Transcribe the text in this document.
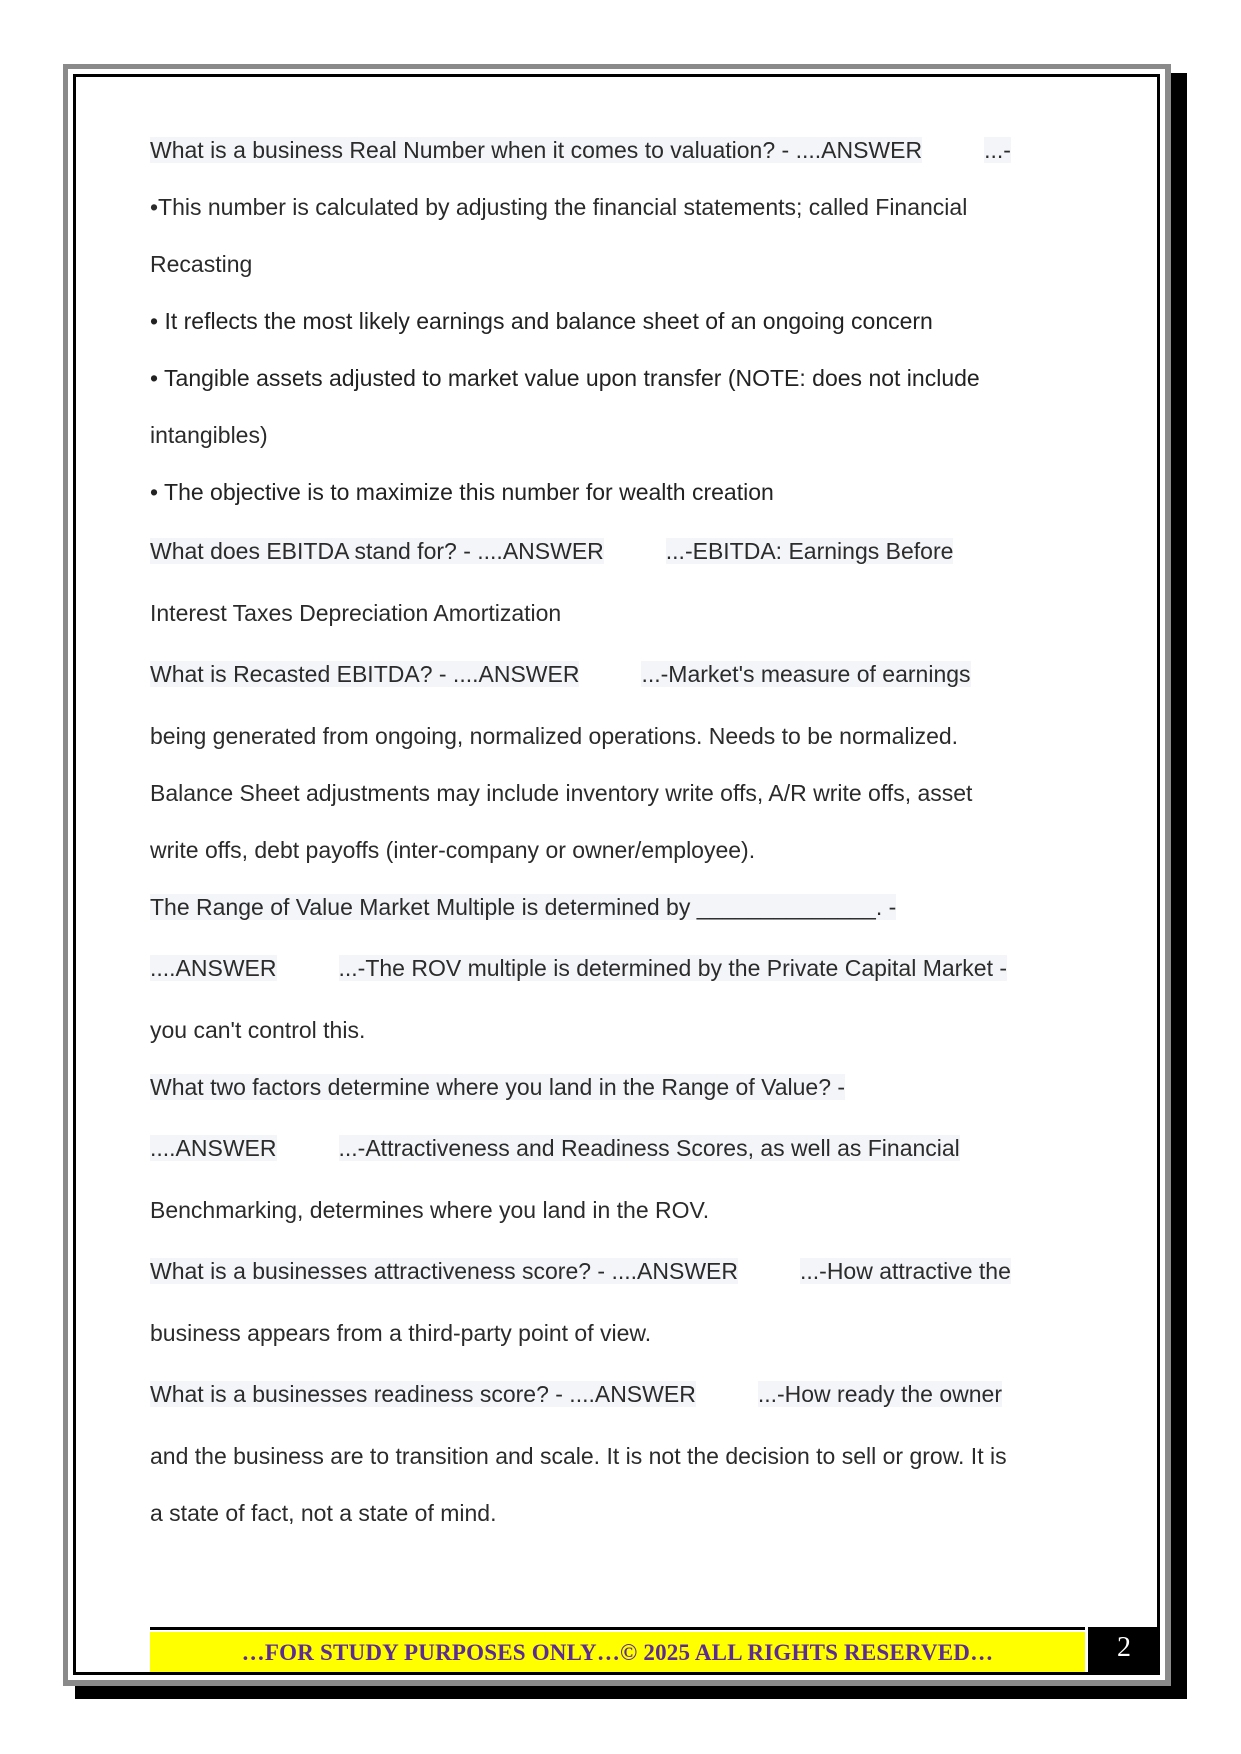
What is a business Real Number when it comes to valuation? - ....ANSWER	...-
•This number is calculated by adjusting the financial statements; called Financial
Recasting
• It reflects the most likely earnings and balance sheet of an ongoing concern
• Tangible assets adjusted to market value upon transfer (NOTE: does not include
intangibles)
• The objective is to maximize this number for wealth creation
What does EBITDA stand for? - ....ANSWER	...-EBITDA: Earnings Before
Interest Taxes Depreciation Amortization
What is Recasted EBITDA? - ....ANSWER	...-Market's measure of earnings
being generated from ongoing, normalized operations. Needs to be normalized.
Balance Sheet adjustments may include inventory write offs, A/R write offs, asset
write offs, debt payoffs (inter-company or owner/employee).
The Range of Value Market Multiple is determined by ______________. -
....ANSWER	...-The ROV multiple is determined by the Private Capital Market -
you can't control this.
What two factors determine where you land in the Range of Value? -
....ANSWER	...-Attractiveness and Readiness Scores, as well as Financial
Benchmarking, determines where you land in the ROV.
What is a businesses attractiveness score? - ....ANSWER	...-How attractive the
business appears from a third-party point of view.
What is a businesses readiness score? - ....ANSWER	...-How ready the owner
and the business are to transition and scale. It is not the decision to sell or grow. It is
a state of fact, not a state of mind.
…FOR STUDY PURPOSES ONLY…© 2025 ALL RIGHTS RESERVED…	2
